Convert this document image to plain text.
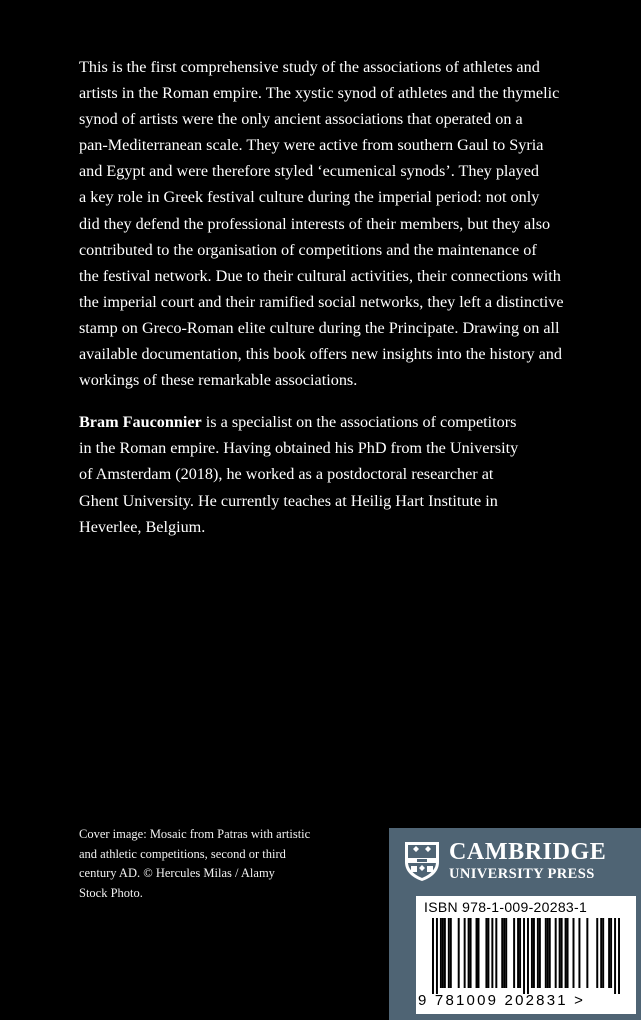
This is the first comprehensive study of the associations of athletes and
artists in the Roman empire. The xystic synod of athletes and the thymelic
synod of artists were the only ancient associations that operated on a
pan-Mediterranean scale. They were active from southern Gaul to Syria
and Egypt and were therefore styled ‘ecumenical synods’. They played
a key role in Greek festival culture during the imperial period: not only
did they defend the professional interests of their members, but they also
contributed to the organisation of competitions and the maintenance of
the festival network. Due to their cultural activities, their connections with
the imperial court and their ramified social networks, they left a distinctive
stamp on Greco-Roman elite culture during the Principate. Drawing on all
available documentation, this book offers new insights into the history and
workings of these remarkable associations.
Bram Fauconnier is a specialist on the associations of competitors
in the Roman empire. Having obtained his PhD from the University
of Amsterdam (2018), he worked as a postdoctoral researcher at
Ghent University. He currently teaches at Heilig Hart Institute in
Heverlee, Belgium.
Cover image: Mosaic from Patras with artistic
and athletic competitions, second or third
century AD. © Hercules Milas / Alamy
Stock Photo.
CAMBRIDGE
UNIVERSITY PRESS
ISBN 978-1-009-20283-1
9 781009 202831 >
